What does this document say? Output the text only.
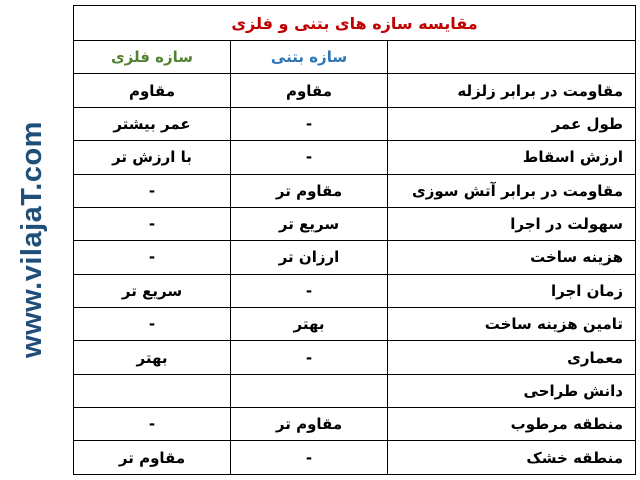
www.vilajaT.com
مقایسه سازه های بتنی و فلزی		
	سازه بتنی	سازه فلزی
مقاومت در برابر زلزله	مقاوم	مقاوم
طول عمر	-	عمر بیشتر
ارزش اسقاط	-	با ارزش تر
مقاومت در برابر آتش سوزی	مقاوم تر	-
سهولت در اجرا	سریع تر	-
هزینه ساخت	ارزان تر	-
زمان اجرا	-	سریع تر
تامین هزینه ساخت	بهتر	-
معماری	-	بهتر
دانش طراحی		
منطقه مرطوب	مقاوم تر	-
منطقه خشک	-	مقاوم تر
